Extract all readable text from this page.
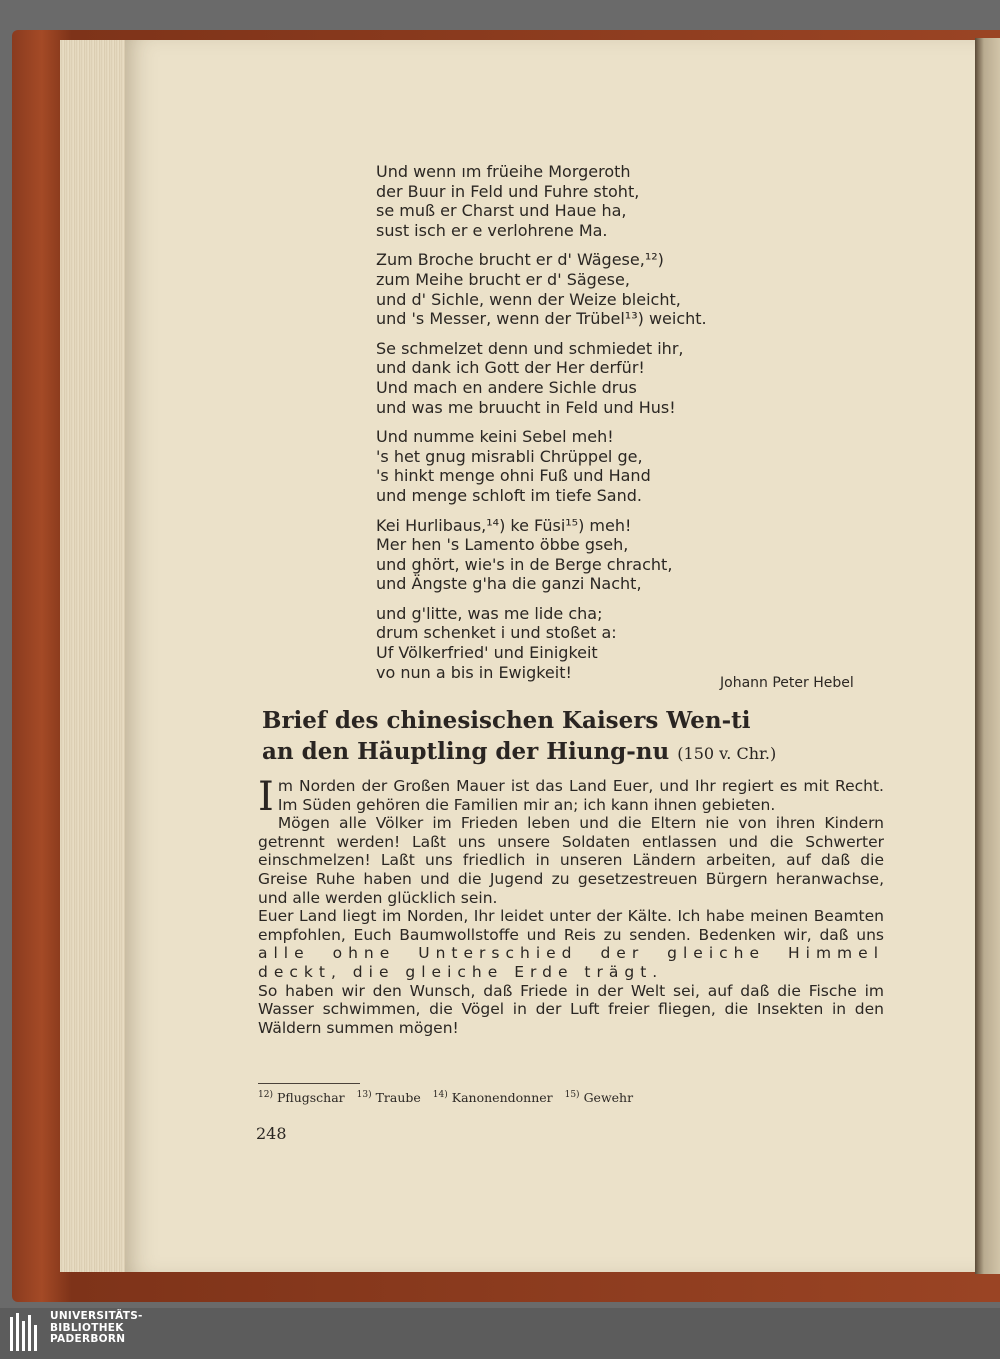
Und wenn ım früeihe Morgeroth
der Buur in Feld und Fuhre stoht,
se muß er Charst und Haue ha,
sust isch er e verlohrene Ma.
Zum Broche brucht er d' Wägese,¹²)
zum Meihe brucht er d' Sägese,
und d' Sichle, wenn der Weize bleicht,
und 's Messer, wenn der Trübel¹³) weicht.
Se schmelzet denn und schmiedet ihr,
und dank ich Gott der Her derfür!
Und mach en andere Sichle drus
und was me bruucht in Feld und Hus!
Und numme keini Sebel meh!
's het gnug misrabli Chrüppel ge,
's hinkt menge ohni Fuß und Hand
und menge schloft im tiefe Sand.
Kei Hurlibaus,¹⁴) ke Füsi¹⁵) meh!
Mer hen 's Lamento öbbe gseh,
und ghört, wie's in de Berge chracht,
und Ängste g'ha die ganzi Nacht,
und g'litte, was me lide cha;
drum schenket i und stoßet a:
Uf Völkerfried' und Einigkeit
vo nun a bis in Ewigkeit!
Johann Peter Hebel
Brief des chinesischen Kaisers Wen-ti
an den Häuptling der Hiung-nu (150 v. Chr.)

Im Norden der Großen Mauer ist das Land Euer, und Ihr regiert es mit Recht. Im Süden gehören die Familien mir an; ich kann ihnen gebieten.

Mögen alle Völker im Frieden leben und die Eltern nie von ihren Kindern getrennt werden! Laßt uns unsere Soldaten entlassen und die Schwerter einschmelzen! Laßt uns friedlich in unseren Ländern arbeiten, auf daß die Greise Ruhe haben und die Jugend zu gesetzestreuen Bürgern heranwachse, und alle werden glücklich sein.

Euer Land liegt im Norden, Ihr leidet unter der Kälte. Ich habe meinen Beamten empfohlen, Euch Baumwollstoffe und Reis zu senden. Bedenken wir, daß uns alle ohne Unterschied der gleiche Himmel deckt, die gleiche Erde trägt.

So haben wir den Wunsch, daß Friede in der Welt sei, auf daß die Fische im Wasser schwimmen, die Vögel in der Luft freier fliegen, die Insekten in den Wäldern summen mögen!

$^{12)}$ Pflugschar $^{13)}$ Traube $^{14)}$ Kanonendonner $^{15)}$ Gewehr
248
UNIVERSITÄTS-
BIBLIOTHEK
PADERBORN
